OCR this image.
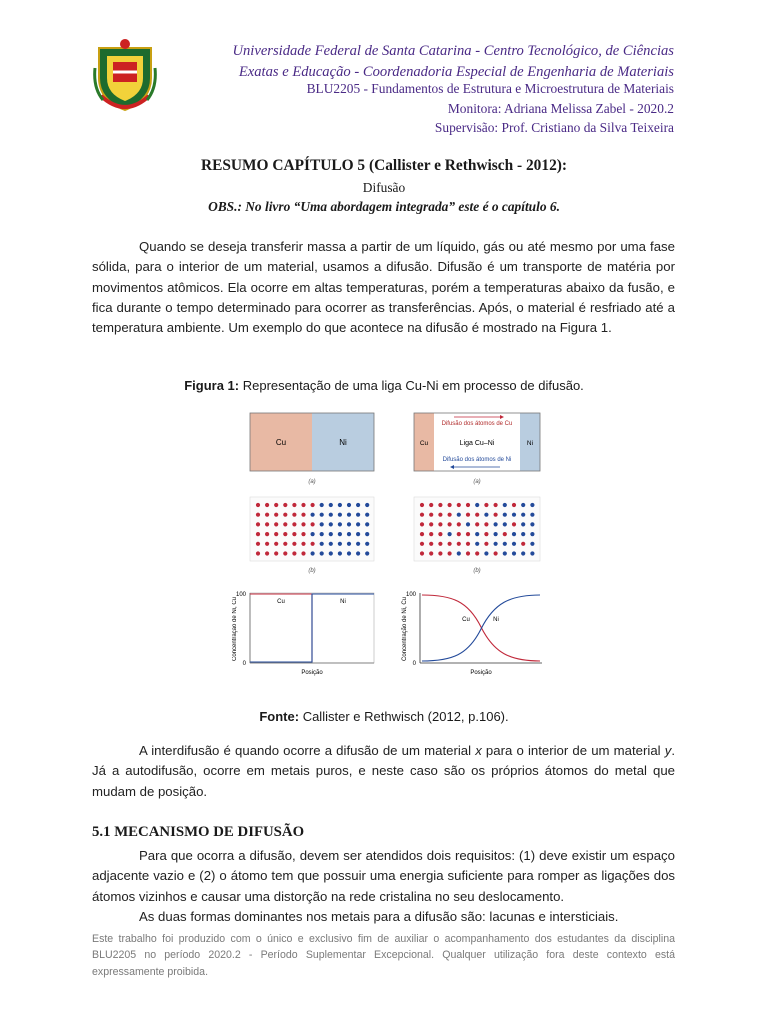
Universidade Federal de Santa Catarina - Centro Tecnológico, de Ciências
Exatas e Educação - Coordenadoria Especial de Engenharia de Materiais
BLU2205 - Fundamentos de Estrutura e Microestrutura de Materiais
Monitora: Adriana Melissa Zabel - 2020.2
Supervisão: Prof. Cristiano da Silva Teixeira
RESUMO CAPÍTULO 5 (Callister e Rethwisch - 2012):
Difusão
OBS.: No livro “Uma abordagem integrada” este é o capítulo 6.
Quando se deseja transferir massa a partir de um líquido, gás ou até mesmo por uma fase sólida, para o interior de um material, usamos a difusão. Difusão é um transporte de matéria por movimentos atômicos. Ela ocorre em altas temperaturas, porém a temperaturas abaixo da fusão, e fica durante o tempo determinado para ocorrer as transferências. Após, o material é resfriado até a temperatura ambiente. Um exemplo do que acontece na difusão é mostrado na Figura 1.
Figura 1: Representação de uma liga Cu-Ni em processo de difusão.
Cu	Ni
(a)
Cu	Ni
Difusão dos átomos de Cu
Liga Cu–Ni
Difusão dos átomos de Ni
(a)
(b)	(b)
100
0
Concentração de Ni, Cu
Posição
Cu	Ni
100
0
Concentração de Ni, Cu
Posição
Cu	Ni
Fonte: Callister e Rethwisch (2012, p.106).
A interdifusão é quando ocorre a difusão de um material x para o interior de um material y. Já a autodifusão, ocorre em metais puros, e neste caso são os próprios átomos do metal que mudam de posição.
5.1 MECANISMO DE DIFUSÃO
Para que ocorra a difusão, devem ser atendidos dois requisitos: (1) deve existir um espaço adjacente vazio e (2) o átomo tem que possuir uma energia suficiente para romper as ligações dos átomos vizinhos e causar uma distorção na rede cristalina no seu deslocamento.
As duas formas dominantes nos metais para a difusão são: lacunas e intersticiais.
Este trabalho foi produzido com o único e exclusivo fim de auxiliar o acompanhamento dos estudantes da disciplina BLU2205 no período 2020.2 - Período Suplementar Excepcional. Qualquer utilização fora deste contexto está expressamente proibida.
